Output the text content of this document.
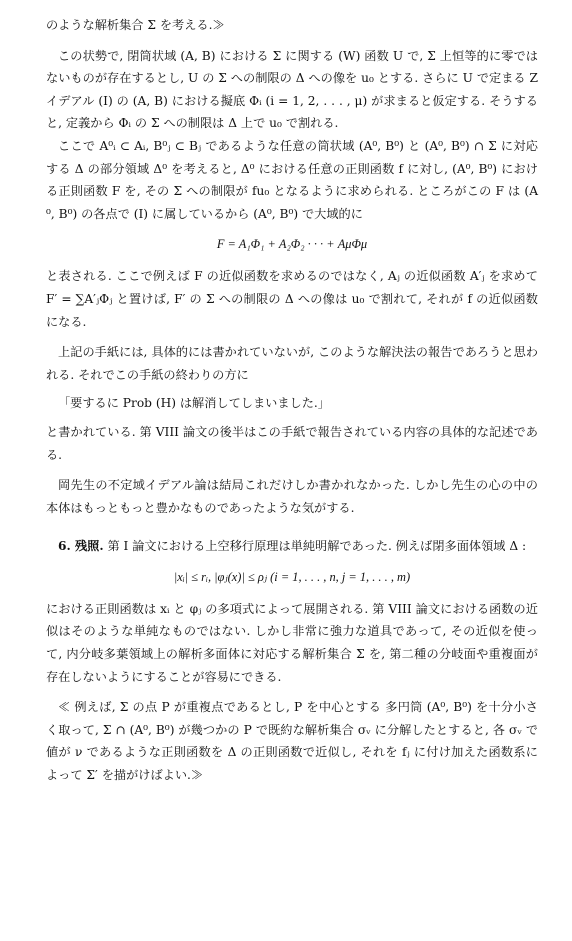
のような解析集合 Σ を考える.≫

この状勢で, 閉筒状域 (A, B) における Σ に関する (W) 函数 U で, Σ 上恒等的に零ではないものが存在するとし, U の Σ への制限の Δ への像を u₀ とする. さらに U で定まる Z イデアル (I) の (A, B) における擬底 Φᵢ (i = 1, 2, . . . , μ) が求まると仮定する. そうすると, 定義から Φᵢ の Σ への制限は Δ 上で u₀ で割れる.

ここで A⁰ᵢ ⊂ Aᵢ, B⁰ⱼ ⊂ Bⱼ であるような任意の筒状域 (A⁰, B⁰) と (A⁰, B⁰) ∩ Σ に対応する Δ の部分領域 Δ⁰ を考えると, Δ⁰ における任意の正則函数 f に対し, (A⁰, B⁰) における正則函数 F を, その Σ への制限が fu₀ となるように求められる. ところがこの F は (A⁰, B⁰) の各点で (I) に属しているから (A⁰, B⁰) で大域的に

F = A₁Φ₁ + A₂Φ₂ · · · + AμΦμ

と表される. ここで例えば F の近似函数を求めるのではなく, Aⱼ の近似函数 A′ⱼ を求めて F′ = ∑A′ⱼΦⱼ と置けば, F′ の Σ への制限の Δ への像は u₀ で割れて, それが f の近似函数になる.

上記の手紙には, 具体的には書かれていないが, このような解決法の報告であろうと思われる. それでこの手紙の終わりの方に

「要するに Prob (H) は解消してしまいました.」

と書かれている. 第 VIII 論文の後半はこの手紙で報告されている内容の具体的な記述である.

岡先生の不定域イデアル論は結局これだけしか書かれなかった. しかし先生の心の中の本体はもっともっと豊かなものであったような気がする.

6. 残照. 第 I 論文における上空移行原理は単純明解であった. 例えば閉多面体領域 Δ :

|xᵢ| ≤ rᵢ, |φⱼ(x)| ≤ ρⱼ (i = 1, . . . , n, j = 1, . . . , m)

における正則函数は xᵢ と φⱼ の多項式によって展開される. 第 VIII 論文における函数の近似はそのような単純なものではない. しかし非常に強力な道具であって, その近似を使って, 内分岐多葉領域上の解析多面体に対応する解析集合 Σ を, 第二種の分岐面や重複面が存在しないようにすることが容易にできる.

≪ 例えば, Σ の点 P が重複点であるとし, P を中心とする 多円筒 (A⁰, B⁰) を十分小さく取って, Σ ∩ (A⁰, B⁰) が幾つかの P で既約な解析集合 σᵥ に分解したとすると, 各 σᵥ で値が ν であるような正則函数を Δ の正則函数で近似し, それを fⱼ に付け加えた函数系によって Σ′ を描がけばよい.≫
